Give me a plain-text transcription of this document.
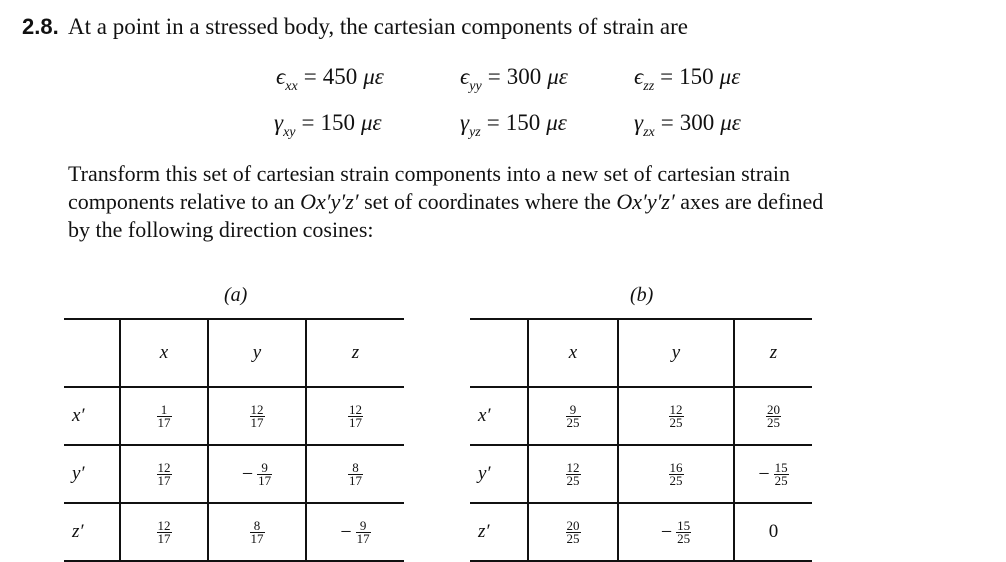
2.8. At a point in a stressed body, the cartesian components of strain are
$\epsilon_{xx} = 450$ με	$\epsilon_{yy} = 300$ με	$\epsilon_{zz} = 150$ με
$\gamma_{xy} = 150$ με	$\gamma_{yz} = 150$ με	$\gamma_{zx} = 300$ με
Transform this set of cartesian strain components into a new set of cartesian strain
components relative to an Ox′y′z′ set of coordinates where the Ox′y′z′ axes are defined
by the following direction cosines:
(a)	(b)
	x	y	z
x′	$\frac{1}{17}$	$\frac{12}{17}$	$\frac{12}{17}$

y′	$\frac{12}{17}$	− $\frac{9}{17}$	$\frac{8}{17}$

z′	$\frac{12}{17}$	$\frac{8}{17}$	− $\frac{9}{17}$
	x	y	z
x′	$\frac{9}{25}$	$\frac{12}{25}$	$\frac{20}{25}$

y′	$\frac{12}{25}$	$\frac{16}{25}$	− $\frac{15}{25}$

z′	$\frac{20}{25}$	− $\frac{15}{25}$	0
